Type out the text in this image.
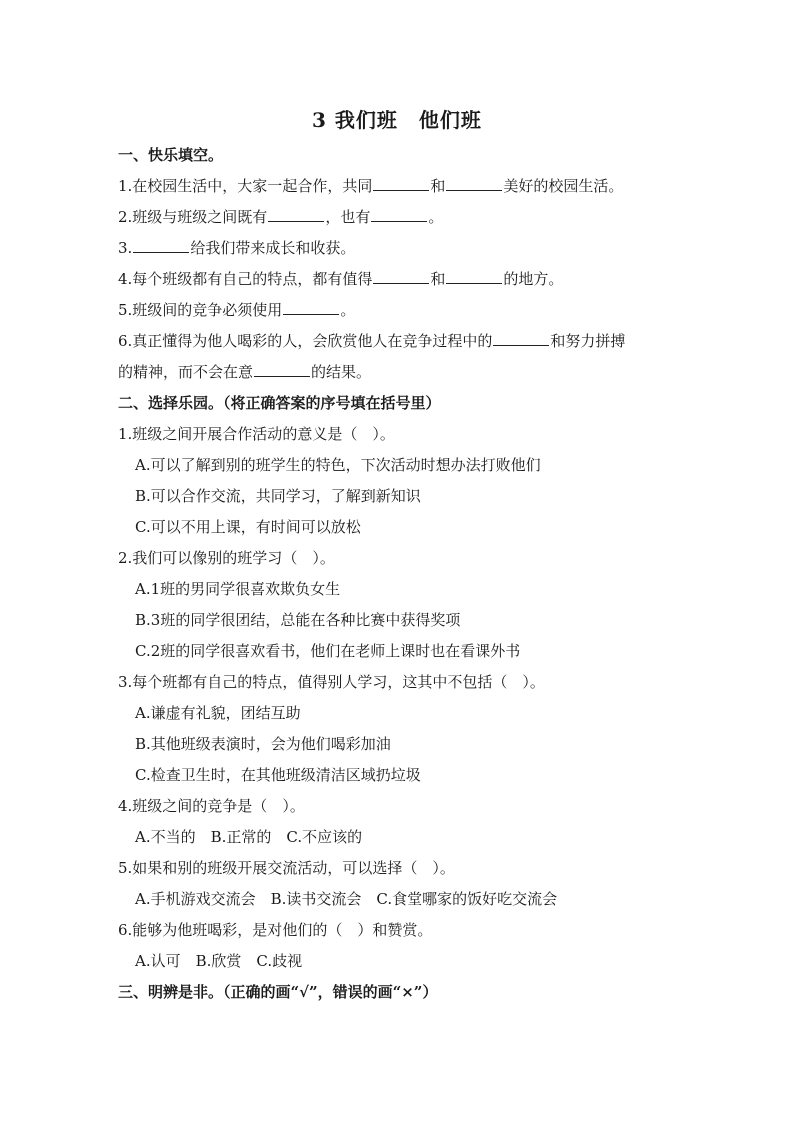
3 我们班　他们班
一、快乐填空。
1.在校园生活中，大家一起合作，共同	和	美好的校园生活。
2.班级与班级之间既有	，也有	。
3.	给我们带来成长和收获。
4.每个班级都有自己的特点，都有值得	和	的地方。
5.班级间的竞争必须使用	。
6.真正懂得为他人喝彩的人，会欣赏他人在竞争过程中的	和努力拼搏
的精神，而不会在意	的结果。
二、选择乐园。（将正确答案的序号填在括号里）
1.班级之间开展合作活动的意义是（　）。
A.可以了解到别的班学生的特色，下次活动时想办法打败他们
B.可以合作交流，共同学习，了解到新知识
C.可以不用上课，有时间可以放松
2.我们可以像别的班学习（　）。
A.1班的男同学很喜欢欺负女生
B.3班的同学很团结，总能在各种比赛中获得奖项
C.2班的同学很喜欢看书，他们在老师上课时也在看课外书
3.每个班都有自己的特点，值得别人学习，这其中不包括（　）。
A.谦虚有礼貌，团结互助
B.其他班级表演时，会为他们喝彩加油
C.检查卫生时，在其他班级清洁区域扔垃圾
4.班级之间的竞争是（　）。
A.不当的　B.正常的　C.不应该的
5.如果和别的班级开展交流活动，可以选择（　）。
A.手机游戏交流会　B.读书交流会　C.食堂哪家的饭好吃交流会
6.能够为他班喝彩，是对他们的（　）和赞赏。
A.认可　B.欣赏　C.歧视
三、明辨是非。（正确的画“√”，错误的画“×”）
